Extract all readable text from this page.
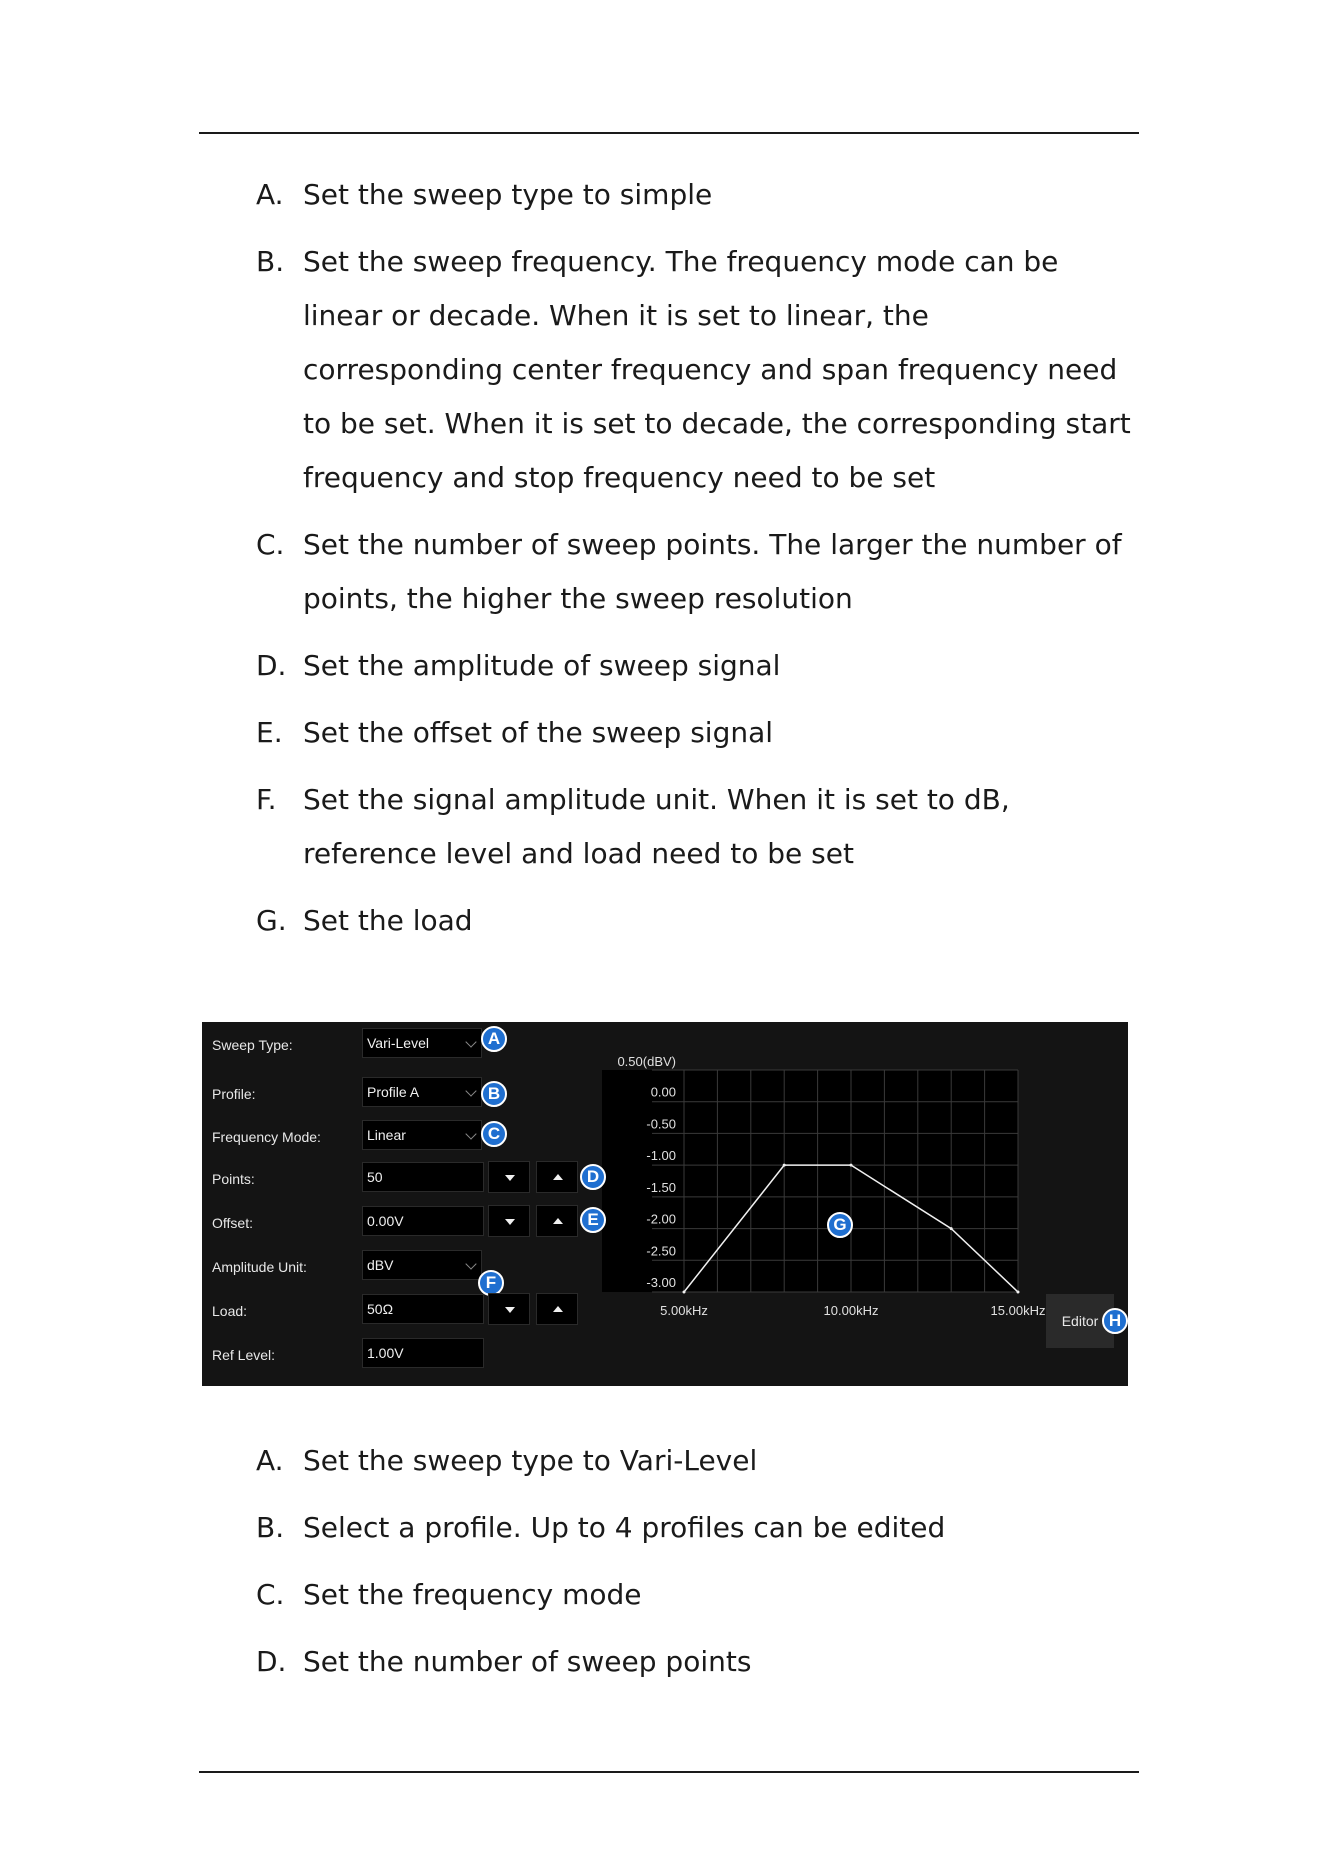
A. Set the sweep type to simple
B. Set the sweep frequency. The frequency mode can be linear or decade. When it is set to linear, the corresponding center frequency and span frequency need to be set. When it is set to decade, the corresponding start frequency and stop frequency need to be set
C. Set the number of sweep points. The larger the number of points, the higher the sweep resolution
D. Set the amplitude of sweep signal
E. Set the offset of the sweep signal
F. Set the signal amplitude unit. When it is set to dB, reference level and load need to be set
G. Set the load
0.50(dBV)
0.00
-0.50
-1.00
-1.50
-2.00
-2.50
-3.00
5.00kHz	10.00kHz	15.00kHz
Sweep Type:	Vari-Level	A
Profile:	Profile A	B
Frequency Mode:	Linear	C
Points:	50	D
Offset:	0.00V	E
Amplitude Unit:	dBV
F
Load:	50Ω
Ref Level:	1.00V
G
Editor H
A. Set the sweep type to Vari-Level
B. Select a profile. Up to 4 profiles can be edited
C. Set the frequency mode
D. Set the number of sweep points
